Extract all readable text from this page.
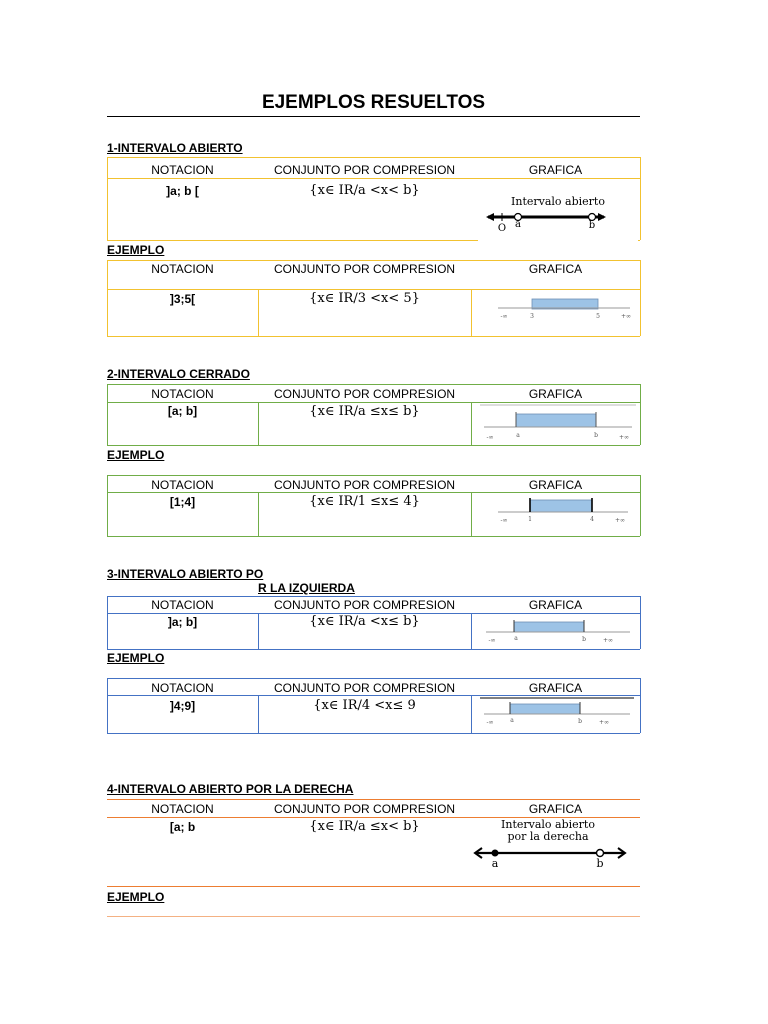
EJEMPLOS RESUELTOS
1-INTERVALO ABIERTO
NOTACION	CONJUNTO POR COMPRESION	GRAFICA
]a; b [	{x∈ IR/a <x< b}
Intervalo abierto
O a	b
EJEMPLO
NOTACION	CONJUNTO POR COMPRESION	GRAFICA
]3;5[	{x∈ IR/3 <x< 5}
-∞	3	5	+∞
2-INTERVALO CERRADO
NOTACION	CONJUNTO POR COMPRESION	GRAFICA
[a; b]	{x∈ IR/a ≤x≤ b}
-∞	a	b	+∞
EJEMPLO
NOTACION	CONJUNTO POR COMPRESION	GRAFICA
[1;4]	{x∈ IR/1 ≤x≤ 4}
-∞	1	4	+∞
3-INTERVALO ABIERTO PO
R LA IZQUIERDA
NOTACION	CONJUNTO POR COMPRESION	GRAFICA
]a; b]	{x∈ IR/a <x≤ b}
-∞	a	b	+∞
EJEMPLO
NOTACION	CONJUNTO POR COMPRESION	GRAFICA
]4;9]	{x∈ IR/4 <x≤ 9
-∞	a	b	+∞
4-INTERVALO ABIERTO POR LA DERECHA
NOTACION	CONJUNTO POR COMPRESION	GRAFICA
[a; b	{x∈ IR/a ≤x< b}	Intervalo abierto
por la derecha
a	b
EJEMPLO
